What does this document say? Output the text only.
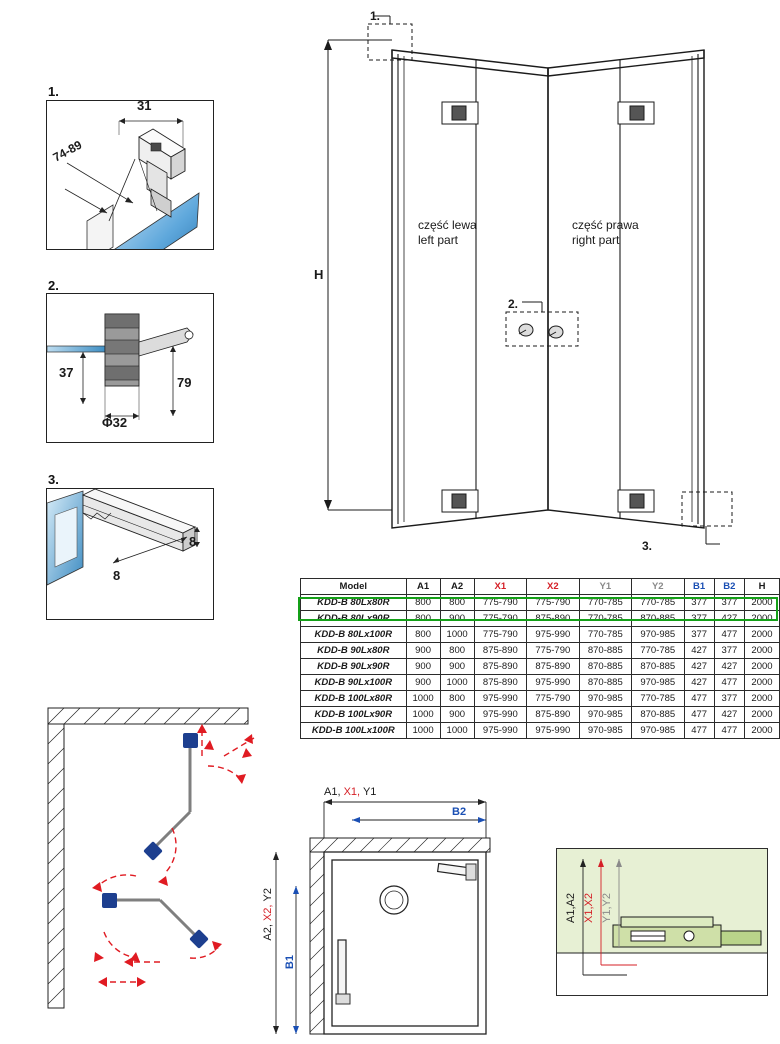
1.
31
74-89
2.
37
Φ32
79
3.
8
8
1.
2.
3.
H
część lewa
left part
część prawa
right part
Model	A1	A2	X1	X2	Y1	Y2	B1	B2	H
KDD-B 80Lx80R	800	800	775-790	775-790	770-785	770-785	377	377	2000
KDD-B 80Lx90R	800	900	775-790	875-890	770-785	870-885	377	427	2000
KDD-B 80Lx100R	800	1000	775-790	975-990	770-785	970-985	377	477	2000
KDD-B 90Lx80R	900	800	875-890	775-790	870-885	770-785	427	377	2000
KDD-B 90Lx90R	900	900	875-890	875-890	870-885	870-885	427	427	2000
KDD-B 90Lx100R	900	1000	875-890	975-990	870-885	970-985	427	477	2000
KDD-B 100Lx80R	1000	800	975-990	775-790	970-985	770-785	477	377	2000
KDD-B 100Lx90R	1000	900	975-990	875-890	970-985	870-885	477	427	2000
KDD-B 100Lx100R	1000	1000	975-990	975-990	970-985	970-985	477	477	2000
A1, X1, Y1
B2
A2, X2, Y2
B1
A1,A2 X1,X2 Y1,Y2
